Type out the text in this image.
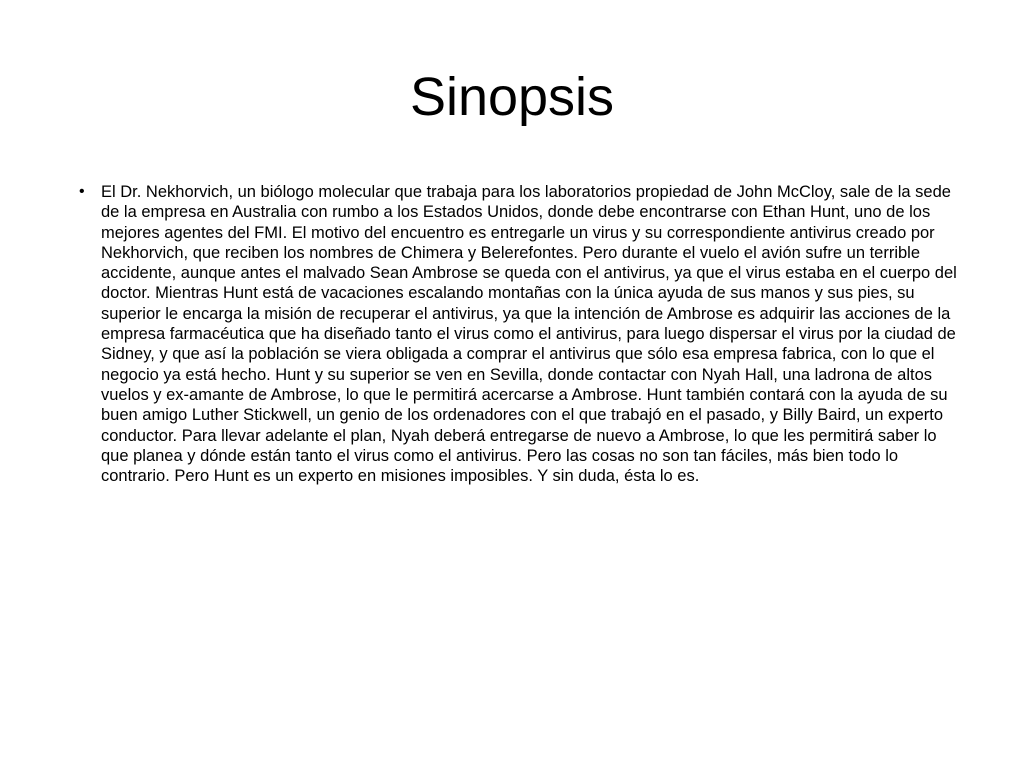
Sinopsis
• El Dr. Nekhorvich, un biólogo molecular que trabaja para los laboratorios propiedad de John McCloy, sale de la sede de la empresa en Australia con rumbo a los Estados Unidos, donde debe encontrarse con Ethan Hunt, uno de los mejores agentes del FMI. El motivo del encuentro es entregarle un virus y su correspondiente antivirus creado por Nekhorvich, que reciben los nombres de Chimera y Belerefontes. Pero durante el vuelo el avión sufre un terrible accidente, aunque antes el malvado Sean Ambrose se queda con el antivirus, ya que el virus estaba en el cuerpo del doctor. Mientras Hunt está de vacaciones escalando montañas con la única ayuda de sus manos y sus pies, su superior le encarga la misión de recuperar el antivirus, ya que la intención de Ambrose es adquirir las acciones de la empresa farmacéutica que ha diseñado tanto el virus como el antivirus, para luego dispersar el virus por la ciudad de Sidney, y que así la población se viera obligada a comprar el antivirus que sólo esa empresa fabrica, con lo que el negocio ya está hecho. Hunt y su superior se ven en Sevilla, donde contactar con Nyah Hall, una ladrona de altos vuelos y ex-amante de Ambrose, lo que le permitirá acercarse a Ambrose. Hunt también contará con la ayuda de su buen amigo Luther Stickwell, un genio de los ordenadores con el que trabajó en el pasado, y Billy Baird, un experto conductor. Para llevar adelante el plan, Nyah deberá entregarse de nuevo a Ambrose, lo que les permitirá saber lo que planea y dónde están tanto el virus como el antivirus. Pero las cosas no son tan fáciles, más bien todo lo contrario. Pero Hunt es un experto en misiones imposibles. Y sin duda, ésta lo es.
